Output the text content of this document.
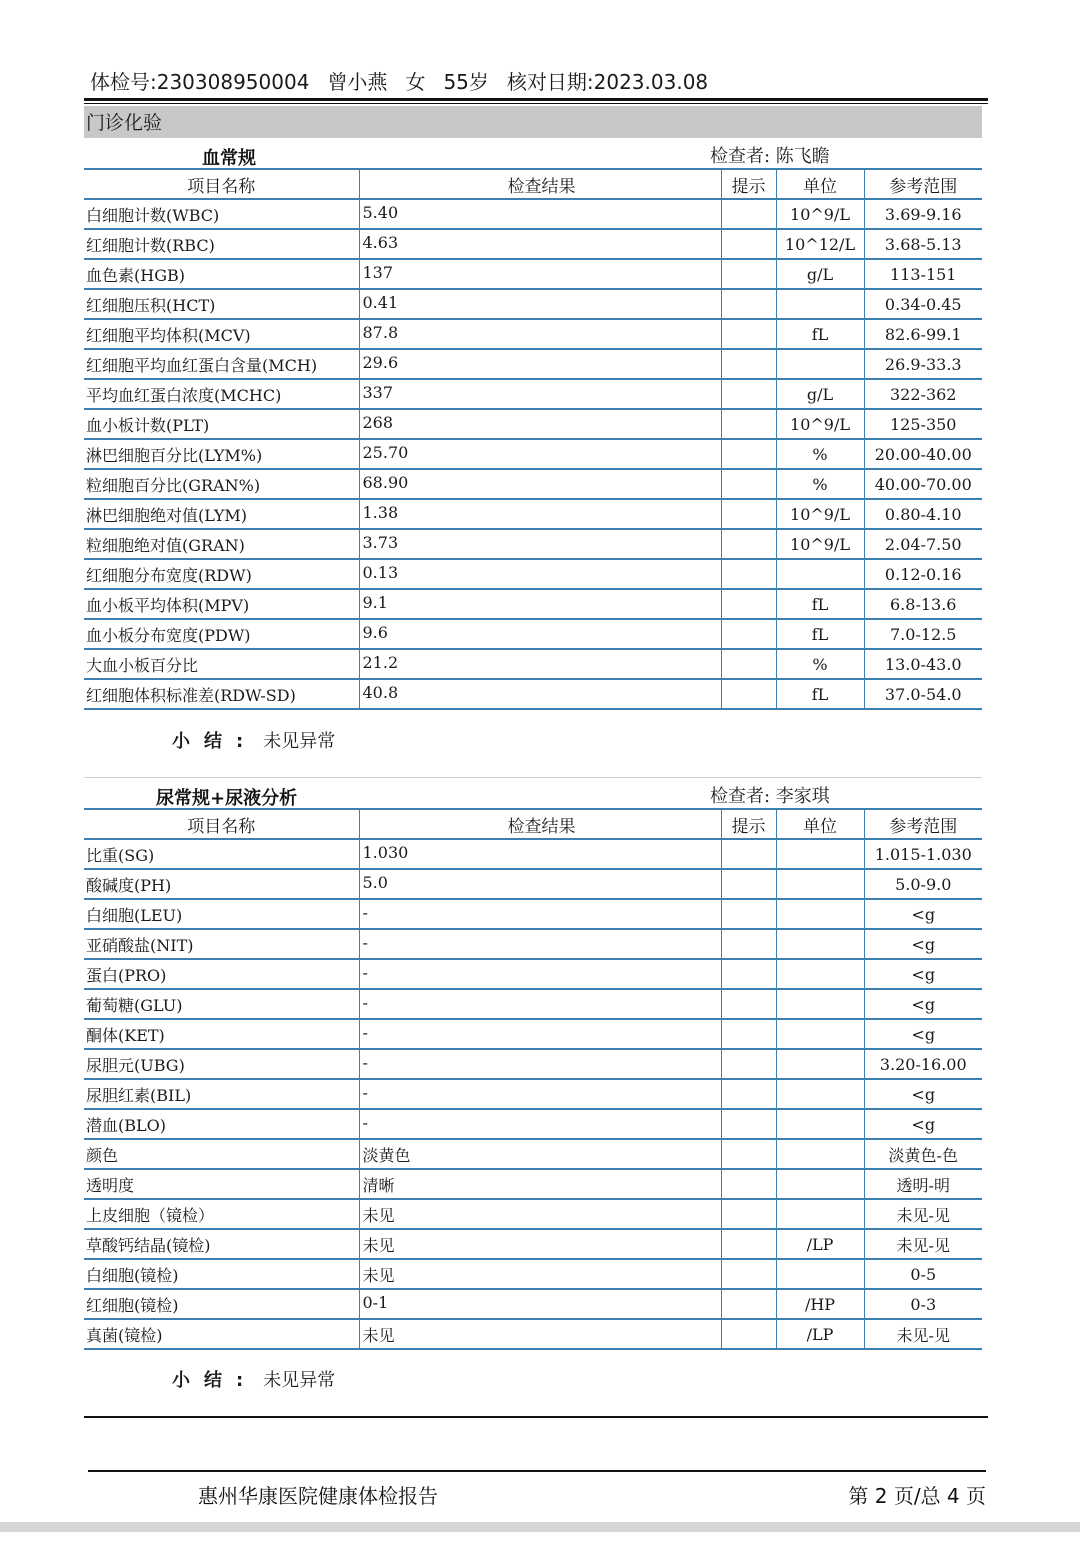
体检号:230308950004 曾小燕 女 55岁 核对日期:2023.03.08
门诊化验
血常规	检查者: 陈飞瞻
项目名称	检查结果	提示	单位	参考范围
白细胞计数(WBC)	5.40		10^9/L	3.69-9.16
红细胞计数(RBC)	4.63		10^12/L	3.68-5.13
血色素(HGB)	137		g/L	113-151
红细胞压积(HCT)	0.41			0.34-0.45
红细胞平均体积(MCV)	87.8		fL	82.6-99.1
红细胞平均血红蛋白含量(MCH)	29.6			26.9-33.3
平均血红蛋白浓度(MCHC)	337		g/L	322-362
血小板计数(PLT)	268		10^9/L	125-350
淋巴细胞百分比(LYM%)	25.70		%	20.00-40.00
粒细胞百分比(GRAN%)	68.90		%	40.00-70.00
淋巴细胞绝对值(LYM)	1.38		10^9/L	0.80-4.10
粒细胞绝对值(GRAN)	3.73		10^9/L	2.04-7.50
红细胞分布宽度(RDW)	0.13			0.12-0.16
血小板平均体积(MPV)	9.1		fL	6.8-13.6
血小板分布宽度(PDW)	9.6		fL	7.0-12.5
大血小板百分比	21.2		%	13.0-43.0
红细胞体积标准差(RDW-SD)	40.8		fL	37.0-54.0
小结: 未见异常
尿常规+尿液分析	检查者: 李家琪
项目名称	检查结果	提示	单位	参考范围
比重(SG)	1.030			1.015-1.030
酸碱度(PH)	5.0			5.0-9.0
白细胞(LEU)	-			<g
亚硝酸盐(NIT)	-			<g
蛋白(PRO)	-			<g
葡萄糖(GLU)	-			<g
酮体(KET)	-			<g
尿胆元(UBG)	-			3.20-16.00
尿胆红素(BIL)	-			<g
潜血(BLO)	-			<g
颜色	淡黄色			淡黄色-色
透明度	清晰			透明-明
上皮细胞（镜检）	未见			未见-见
草酸钙结晶(镜检)	未见		/LP	未见-见
白细胞(镜检)	未见			0-5
红细胞(镜检)	0-1		/HP	0-3
真菌(镜检)	未见		/LP	未见-见
小结: 未见异常
惠州华康医院健康体检报告	第 2 页/总 4 页
